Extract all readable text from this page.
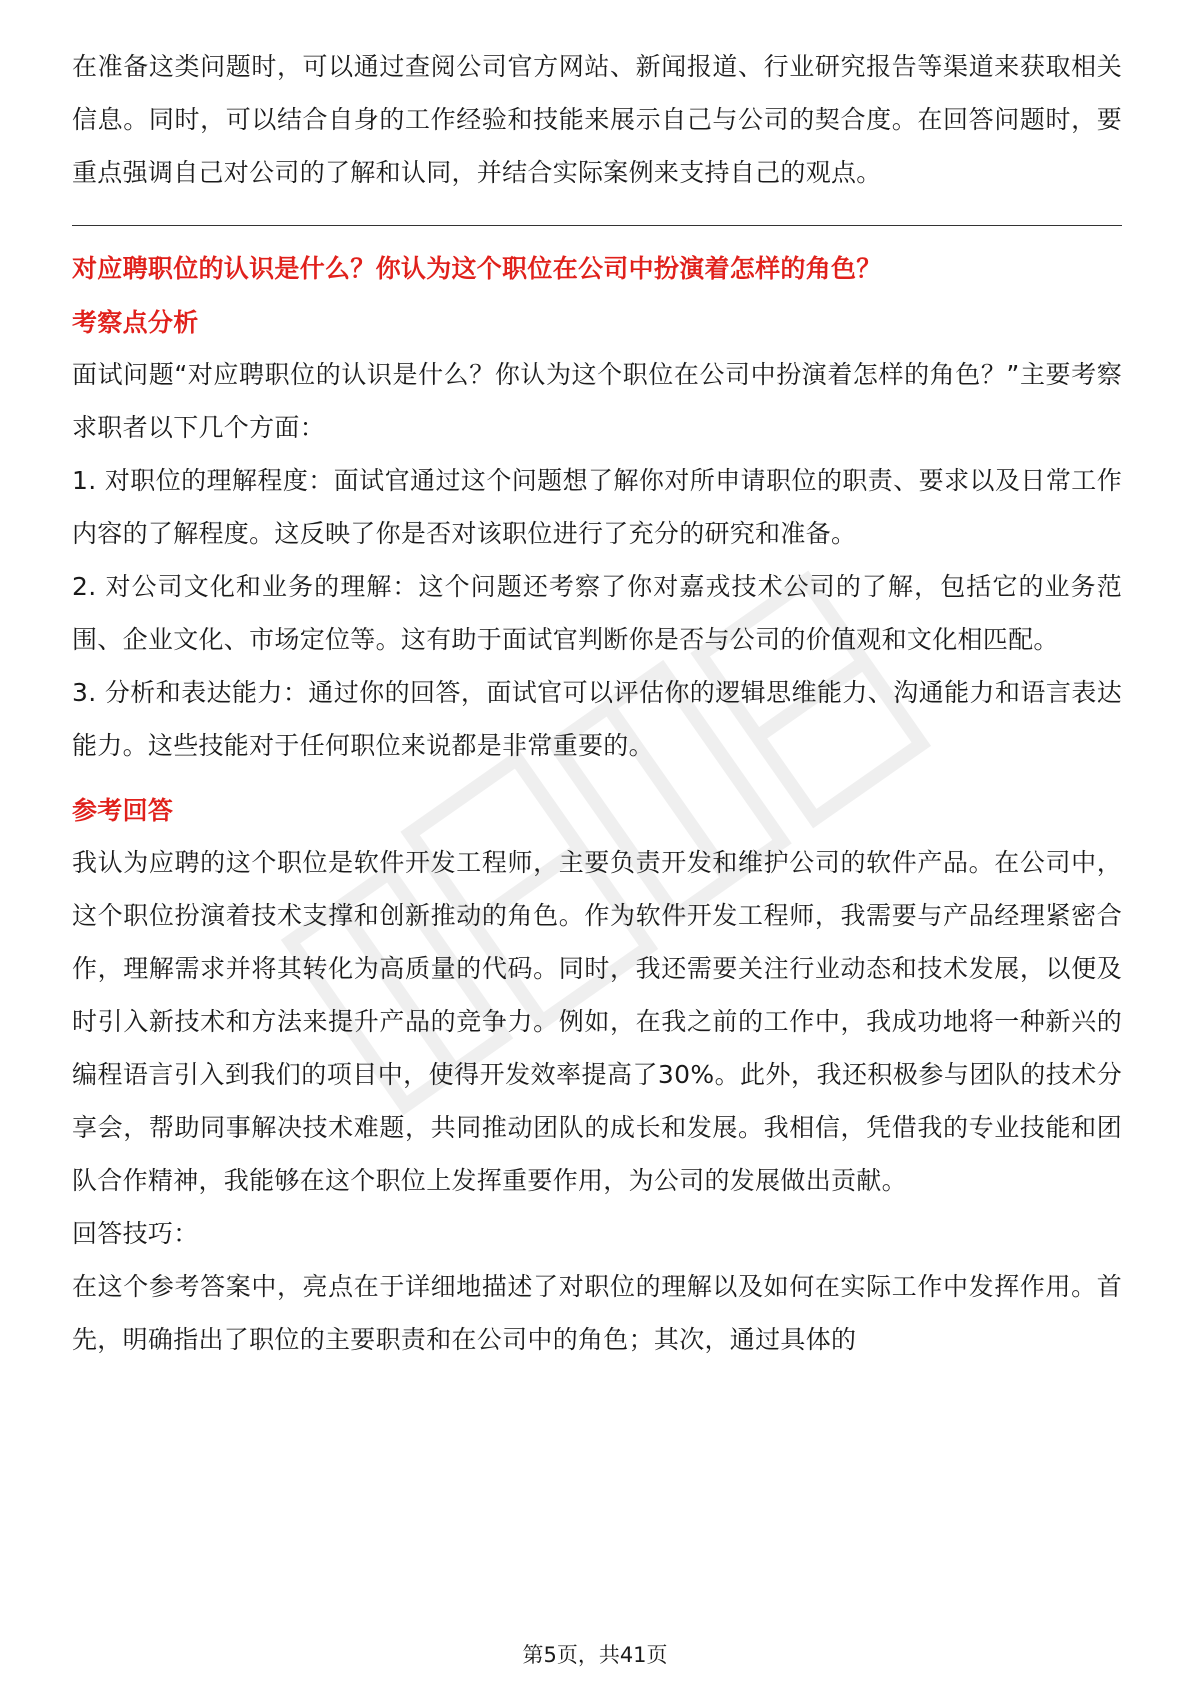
在准备这类问题时，可以通过查阅公司官方网站、新闻报道、行业研究报告等渠道来获取相关信息。同时，可以结合自身的工作经验和技能来展示自己与公司的契合度。在回答问题时，要重点强调自己对公司的了解和认同，并结合实际案例来支持自己的观点。

对应聘职位的认识是什么？你认为这个职位在公司中扮演着怎样的角色？

考察点分析

面试问题“对应聘职位的认识是什么？你认为这个职位在公司中扮演着怎样的角色？”主要考察求职者以下几个方面：

1. 对职位的理解程度：面试官通过这个问题想了解你对所申请职位的职责、要求以及日常工作内容的了解程度。这反映了你是否对该职位进行了充分的研究和准备。

2. 对公司文化和业务的理解：这个问题还考察了你对嘉戎技术公司的了解，包括它的业务范围、企业文化、市场定位等。这有助于面试官判断你是否与公司的价值观和文化相匹配。

3. 分析和表达能力：通过你的回答，面试官可以评估你的逻辑思维能力、沟通能力和语言表达能力。这些技能对于任何职位来说都是非常重要的。

参考回答

我认为应聘的这个职位是软件开发工程师，主要负责开发和维护公司的软件产品。在公司中，这个职位扮演着技术支撑和创新推动的角色。作为软件开发工程师，我需要与产品经理紧密合作，理解需求并将其转化为高质量的代码。同时，我还需要关注行业动态和技术发展，以便及时引入新技术和方法来提升产品的竞争力。例如，在我之前的工作中，我成功地将一种新兴的编程语言引入到我们的项目中，使得开发效率提高了30%。此外，我还积极参与团队的技术分享会，帮助同事解决技术难题，共同推动团队的成长和发展。我相信，凭借我的专业技能和团队合作精神，我能够在这个职位上发挥重要作用，为公司的发展做出贡献。

回答技巧：

在这个参考答案中，亮点在于详细地描述了对职位的理解以及如何在实际工作中发挥作用。首先，明确指出了职位的主要职责和在公司中的角色；其次，通过具体的

第5页，共41页
